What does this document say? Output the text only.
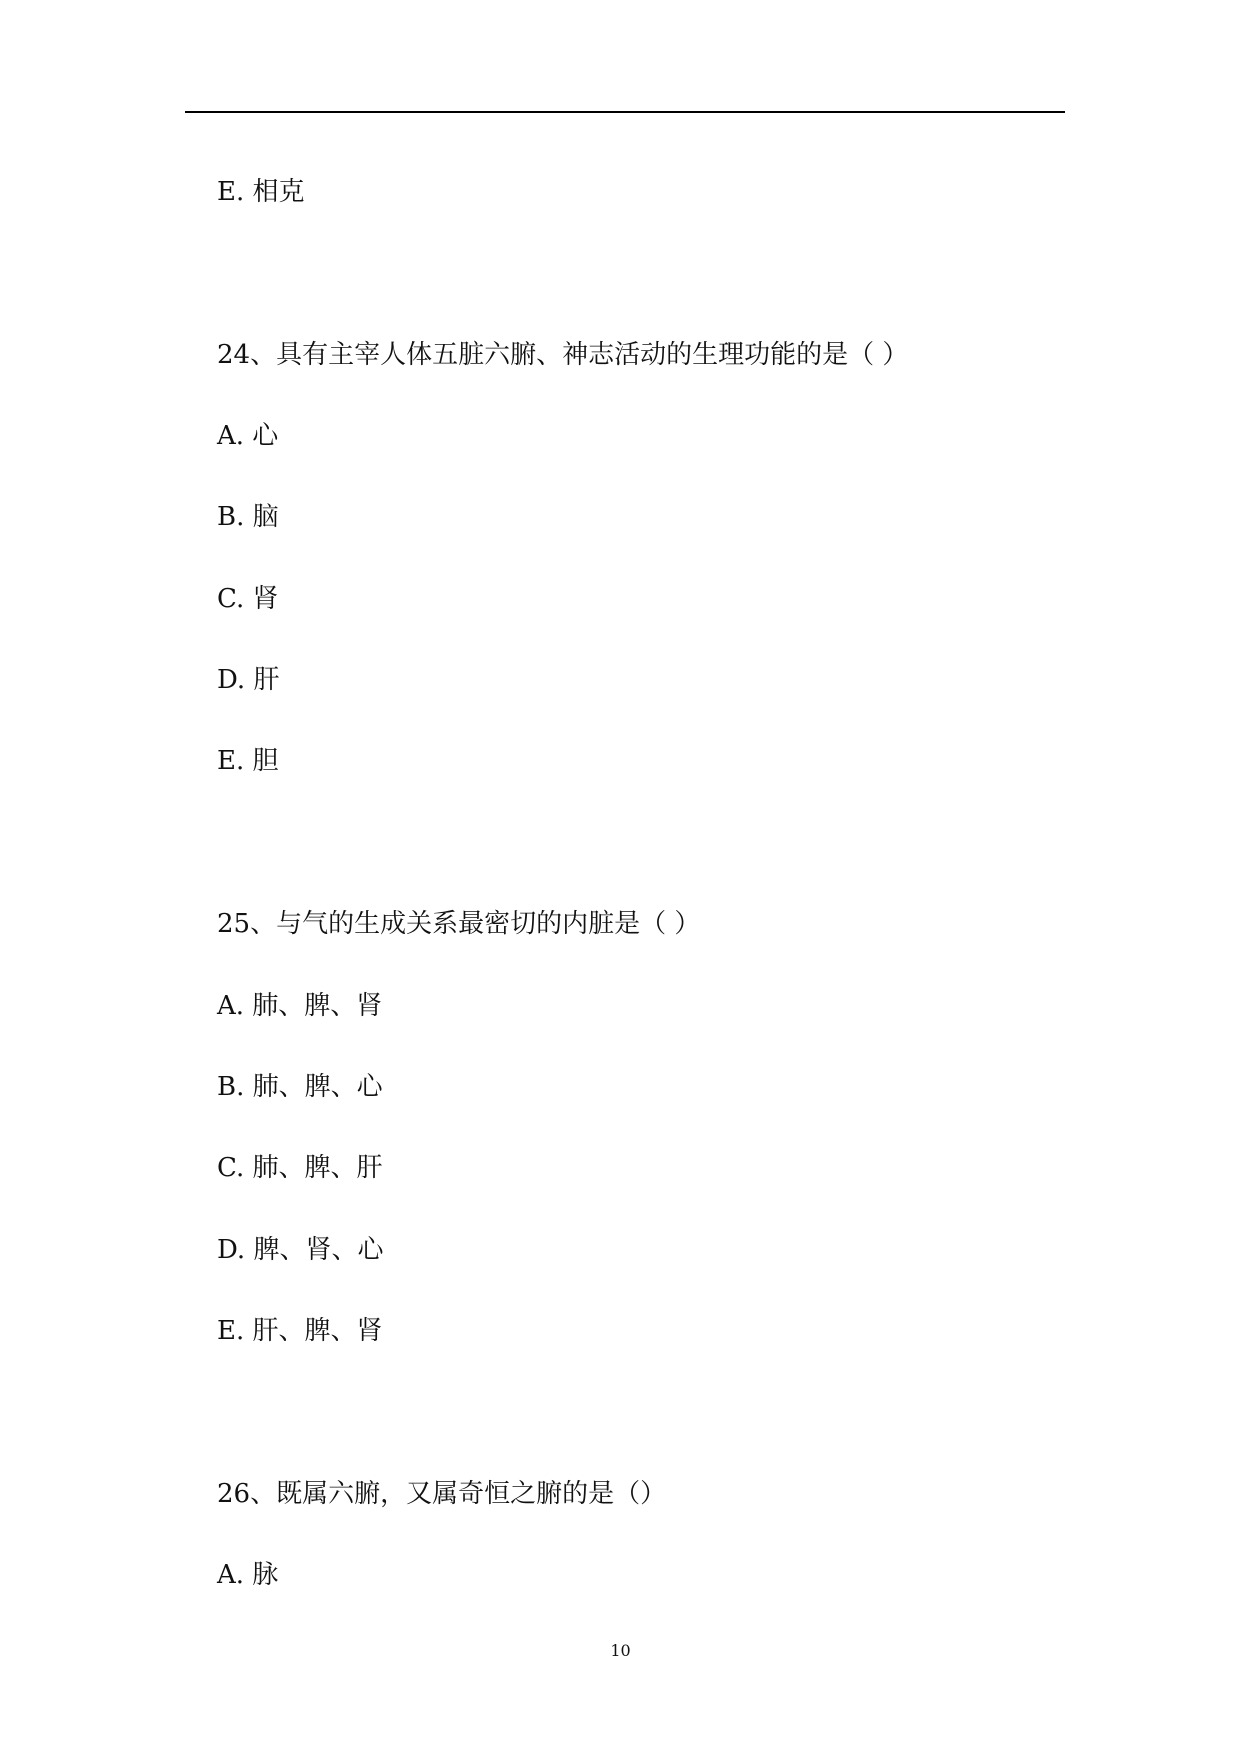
E. 相克
24、具有主宰人体五脏六腑、神志活动的生理功能的是（ ）
A. 心
B. 脑
C. 肾
D. 肝
E. 胆
25、与气的生成关系最密切的内脏是（ ）
A. 肺、脾、肾
B. 肺、脾、心
C. 肺、脾、肝
D. 脾、肾、心
E. 肝、脾、肾
26、既属六腑，又属奇恒之腑的是（）
A. 脉
10
